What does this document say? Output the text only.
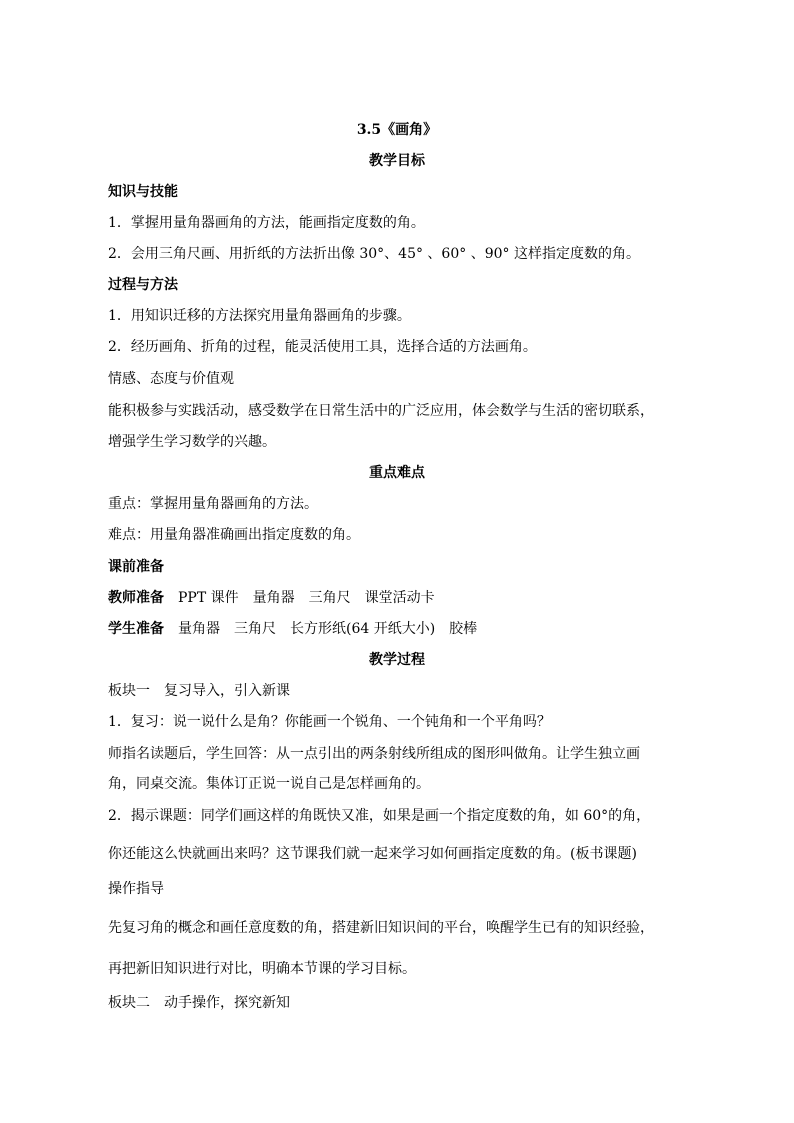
3.5《画角》
教学目标
知识与技能
1．掌握用量角器画角的方法，能画指定度数的角。
2．会用三角尺画、用折纸的方法折出像 30°、45° 、60° 、90° 这样指定度数的角。
过程与方法
1．用知识迁移的方法探究用量角器画角的步骤。
2．经历画角、折角的过程，能灵活使用工具，选择合适的方法画角。
情感、态度与价值观
能积极参与实践活动，感受数学在日常生活中的广泛应用，体会数学与生活的密切联系，
增强学生学习数学的兴趣。
重点难点
重点：掌握用量角器画角的方法。
难点：用量角器准确画出指定度数的角。
课前准备
教师准备 PPT 课件　量角器　三角尺　课堂活动卡
学生准备 量角器　三角尺　长方形纸(64 开纸大小)　胶棒
教学过程
板块一　复习导入，引入新课
1．复习：说一说什么是角？你能画一个锐角、一个钝角和一个平角吗？
师指名读题后，学生回答：从一点引出的两条射线所组成的图形叫做角。让学生独立画
角，同桌交流。集体订正说一说自己是怎样画角的。
2．揭示课题：同学们画这样的角既快又准，如果是画一个指定度数的角，如 60°的角，
你还能这么快就画出来吗？这节课我们就一起来学习如何画指定度数的角。(板书课题)
操作指导
先复习角的概念和画任意度数的角，搭建新旧知识间的平台，唤醒学生已有的知识经验，
再把新旧知识进行对比，明确本节课的学习目标。
板块二　动手操作，探究新知
